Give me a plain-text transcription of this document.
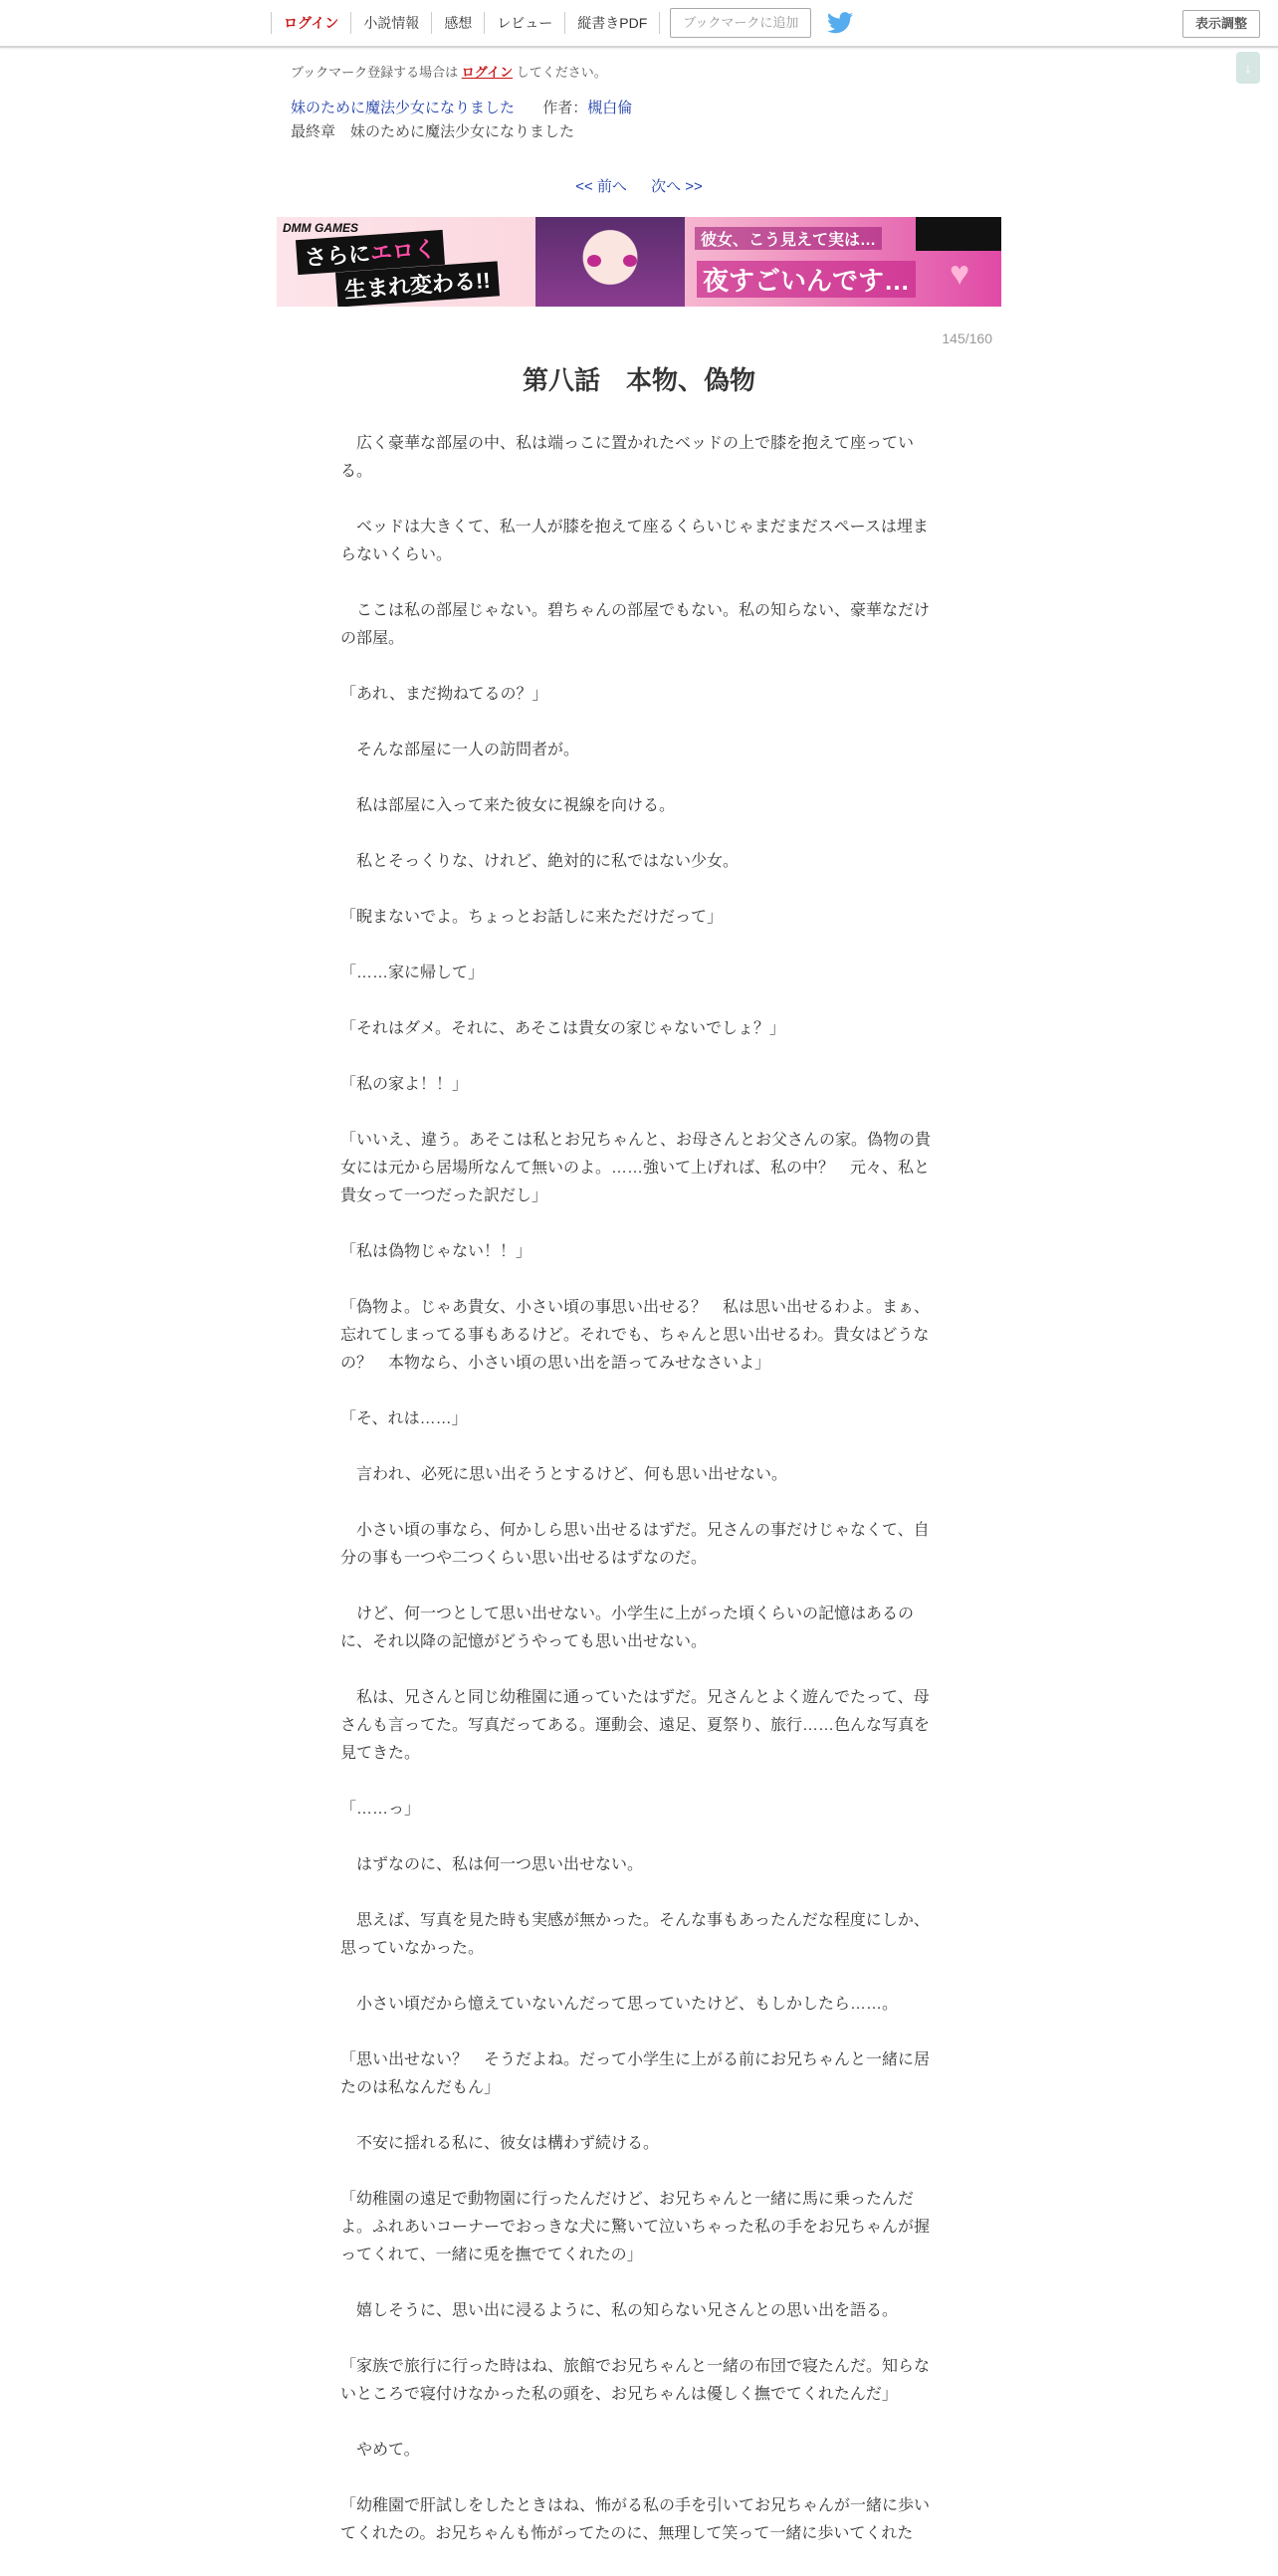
ログイン	小説情報	感想	レビュー	縦書きPDF	ブックマークに追加	表示調整
↓
ブックマーク登録する場合は ログイン してください。
妹のために魔法少女になりました 作者：槻白倫
最終章　妹のために魔法少女になりました
<< 前へ 次へ >>
DMM GAMES
さらにエロく
生まれ変わる!!
彼女、こう見えて実は…
夜すごいんです… ♥
145/160
第八話　本物、偽物

　広く豪華な部屋の中、私は端っこに置かれたベッドの上で膝を抱えて座っている。

　ベッドは大きくて、私一人が膝を抱えて座るくらいじゃまだまだスペースは埋まらないくらい。

　ここは私の部屋じゃない。碧ちゃんの部屋でもない。私の知らない、豪華なだけの部屋。

「あれ、まだ拗ねてるの？」

　そんな部屋に一人の訪問者が。

　私は部屋に入って来た彼女に視線を向ける。

　私とそっくりな、けれど、絶対的に私ではない少女。

「睨まないでよ。ちょっとお話しに来ただけだって」

「……家に帰して」

「それはダメ。それに、あそこは貴女の家じゃないでしょ？」

「私の家よ！！」

「いいえ、違う。あそこは私とお兄ちゃんと、お母さんとお父さんの家。偽物の貴女には元から居場所なんて無いのよ。……強いて上げれば、私の中？　元々、私と貴女って一つだった訳だし」

「私は偽物じゃない！！」

「偽物よ。じゃあ貴女、小さい頃の事思い出せる？　私は思い出せるわよ。まぁ、忘れてしまってる事もあるけど。それでも、ちゃんと思い出せるわ。貴女はどうなの？　本物なら、小さい頃の思い出を語ってみせなさいよ」

「そ、れは……」

　言われ、必死に思い出そうとするけど、何も思い出せない。

　小さい頃の事なら、何かしら思い出せるはずだ。兄さんの事だけじゃなくて、自分の事も一つや二つくらい思い出せるはずなのだ。

　けど、何一つとして思い出せない。小学生に上がった頃くらいの記憶はあるのに、それ以降の記憶がどうやっても思い出せない。

　私は、兄さんと同じ幼稚園に通っていたはずだ。兄さんとよく遊んでたって、母さんも言ってた。写真だってある。運動会、遠足、夏祭り、旅行……色んな写真を見てきた。

「……っ」

　はずなのに、私は何一つ思い出せない。

　思えば、写真を見た時も実感が無かった。そんな事もあったんだな程度にしか、思っていなかった。

　小さい頃だから憶えていないんだって思っていたけど、もしかしたら……。

「思い出せない？　そうだよね。だって小学生に上がる前にお兄ちゃんと一緒に居たのは私なんだもん」

　不安に揺れる私に、彼女は構わず続ける。

「幼稚園の遠足で動物園に行ったんだけど、お兄ちゃんと一緒に馬に乗ったんだよ。ふれあいコーナーでおっきな犬に驚いて泣いちゃった私の手をお兄ちゃんが握ってくれて、一緒に兎を撫でてくれたの」

　嬉しそうに、思い出に浸るように、私の知らない兄さんとの思い出を語る。

「家族で旅行に行った時はね、旅館でお兄ちゃんと一緒の布団で寝たんだ。知らないところで寝付けなかった私の頭を、お兄ちゃんは優しく撫でてくれたんだ」

　やめて。

「幼稚園で肝試しをしたときはね、怖がる私の手を引いてお兄ちゃんが一緒に歩いてくれたの。お兄ちゃんも怖がってたのに、無理して笑って一緒に歩いてくれた
